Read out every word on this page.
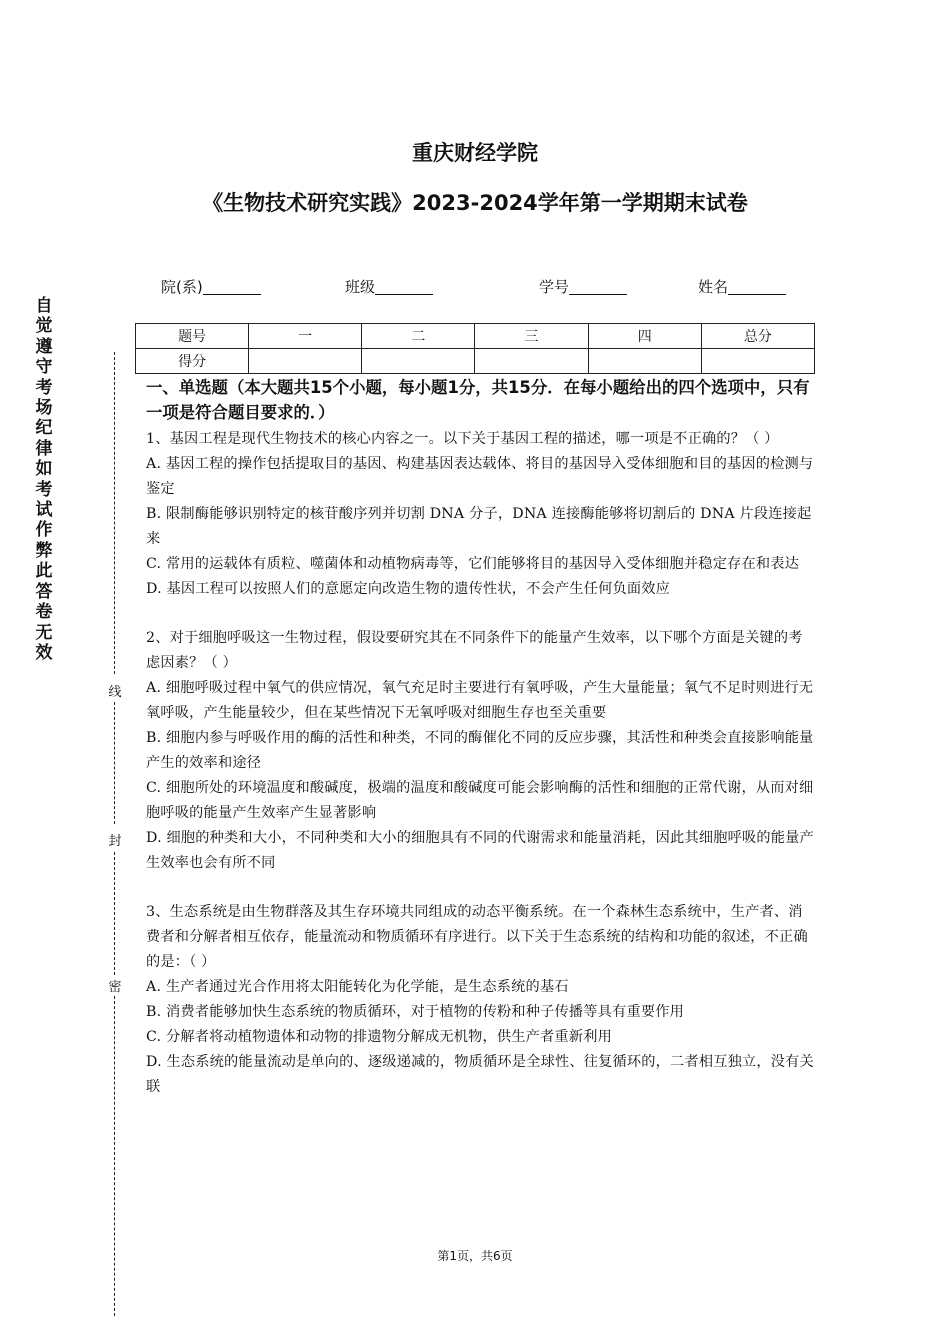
重庆财经学院
《生物技术研究实践》2023-2024学年第一学期期末试卷
院(系)	班级	学号	姓名
自觉遵守考场纪律如考试作弊此答卷无效
线
封
密
题号	一	二	三	四	总分
得分					
一、单选题（本大题共15个小题，每小题1分，共15分．在每小题给出的四个选项中，只有一项是符合题目要求的．）

1、基因工程是现代生物技术的核心内容之一。以下关于基因工程的描述，哪一项是不正确的？（ ）

A. 基因工程的操作包括提取目的基因、构建基因表达载体、将目的基因导入受体细胞和目的基因的检测与鉴定

B. 限制酶能够识别特定的核苷酸序列并切割 DNA 分子，DNA 连接酶能够将切割后的 DNA 片段连接起来

C. 常用的运载体有质粒、噬菌体和动植物病毒等，它们能够将目的基因导入受体细胞并稳定存在和表达

D. 基因工程可以按照人们的意愿定向改造生物的遗传性状，不会产生任何负面效应

2、对于细胞呼吸这一生物过程，假设要研究其在不同条件下的能量产生效率，以下哪个方面是关键的考虑因素？（ ）

A. 细胞呼吸过程中氧气的供应情况，氧气充足时主要进行有氧呼吸，产生大量能量；氧气不足时则进行无氧呼吸，产生能量较少，但在某些情况下无氧呼吸对细胞生存也至关重要

B. 细胞内参与呼吸作用的酶的活性和种类，不同的酶催化不同的反应步骤，其活性和种类会直接影响能量产生的效率和途径

C. 细胞所处的环境温度和酸碱度，极端的温度和酸碱度可能会影响酶的活性和细胞的正常代谢，从而对细胞呼吸的能量产生效率产生显著影响

D. 细胞的种类和大小，不同种类和大小的细胞具有不同的代谢需求和能量消耗，因此其细胞呼吸的能量产生效率也会有所不同

3、生态系统是由生物群落及其生存环境共同组成的动态平衡系统。在一个森林生态系统中，生产者、消费者和分解者相互依存，能量流动和物质循环有序进行。以下关于生态系统的结构和功能的叙述，不正确的是：（ ）

A. 生产者通过光合作用将太阳能转化为化学能，是生态系统的基石

B. 消费者能够加快生态系统的物质循环，对于植物的传粉和种子传播等具有重要作用

C. 分解者将动植物遗体和动物的排遗物分解成无机物，供生产者重新利用

D. 生态系统的能量流动是单向的、逐级递减的，物质循环是全球性、往复循环的，二者相互独立，没有关联

第1页，共6页
